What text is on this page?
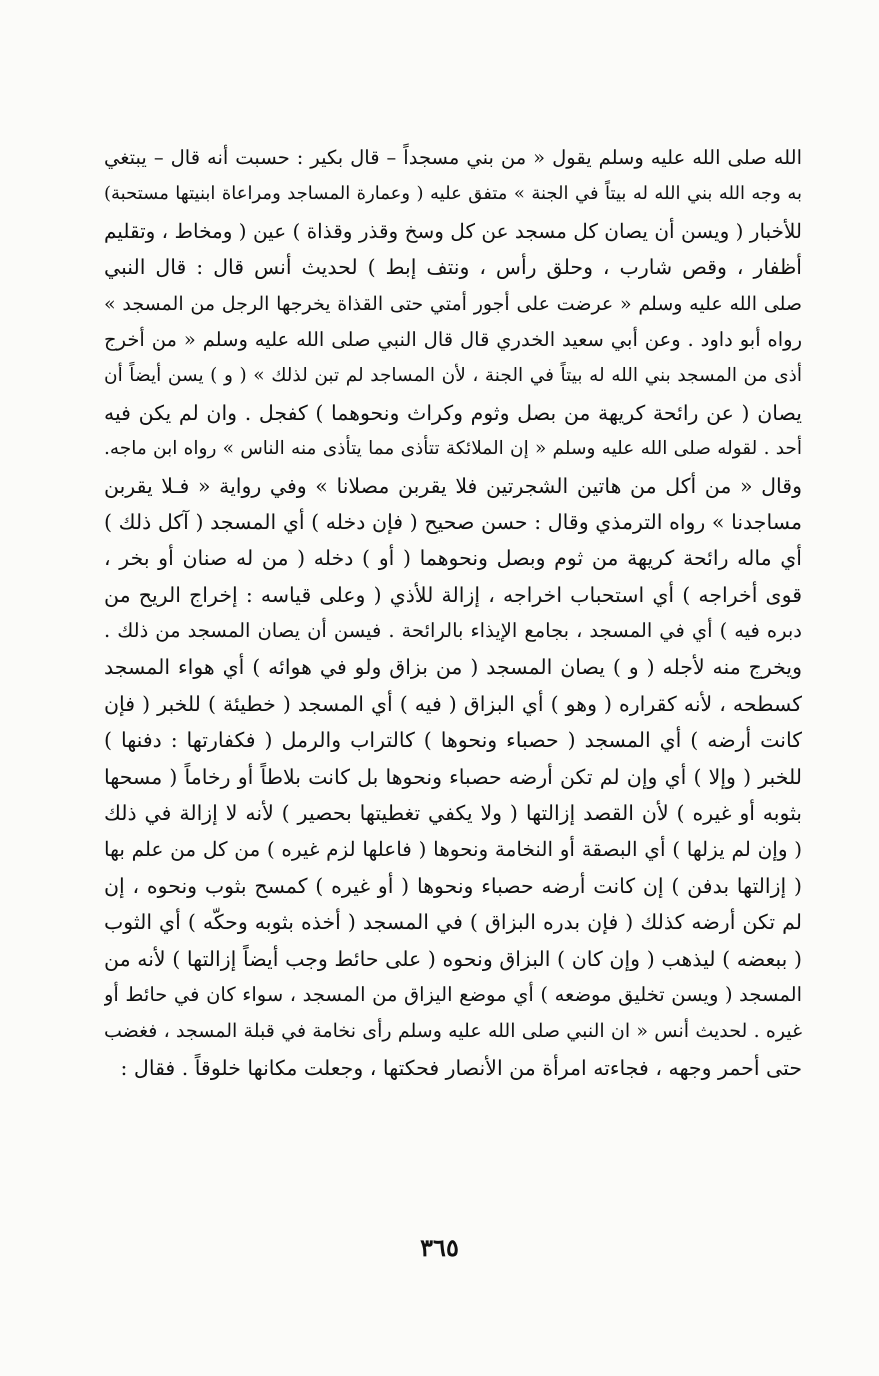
الله صلى الله عليه وسلم يقول « من بني مسجداً – قال بكير : حسبت أنه قال – يبتغي
به وجه الله بني الله له بيتاً في الجنة » متفق عليه ( وعمارة المساجد ومراعاة ابنيتها مستحبة)
للأخبار ( ويسن أن يصان كل مسجد عن كل وسخ وقذر وقذاة ) عين ( ومخاط ، وتقليم
أظفار ، وقص شارب ، وحلق رأس ، ونتف إبط ) لحديث أنس قال : قال النبي
صلى الله عليه وسلم « عرضت على أجور أمتي حتى القذاة يخرجها الرجل من المسجد »
رواه أبو داود . وعن أبي سعيد الخدري قال قال النبي صلى الله عليه وسلم « من أخرج
أذى من المسجد بني الله له بيتاً في الجنة ، لأن المساجد لم تبن لذلك » ( و ) يسن أيضاً أن
يصان ( عن رائحة كريهة من بصل وثوم وكراث ونحوهما ) كفجل . وان لم يكن فيه
أحد . لقوله صلى الله عليه وسلم « إن الملائكة تتأذى مما يتأذى منه الناس » رواه ابن ماجه.
وقال « من أكل من هاتين الشجرتين فلا يقربن مصلانا » وفي رواية « فـلا يقربن
مساجدنا » رواه الترمذي وقال : حسن صحيح ( فإن دخله ) أي المسجد ( آكل ذلك )
أي ماله رائحة كريهة من ثوم وبصل ونحوهما ( أو ) دخله ( من له صنان أو بخر ،
قوى أخراجه ) أي استحباب اخراجه ، إزالة للأذي ( وعلى قياسه : إخراج الريح من
دبره فيه ) أي في المسجد ، بجامع الإيذاء بالرائحة . فيسن أن يصان المسجد من ذلك .
ويخرج منه لأجله ( و ) يصان المسجد ( من بزاق ولو في هوائه ) أي هواء المسجد
كسطحه ، لأنه كقراره ( وهو ) أي البزاق ( فيه ) أي المسجد ( خطيئة ) للخبر ( فإن
كانت أرضه ) أي المسجد ( حصباء ونحوها ) كالتراب والرمل ( فكفارتها : دفنها )
للخبر ( وإلا ) أي وإن لم تكن أرضه حصباء ونحوها بل كانت بلاطاً أو رخاماً ( مسحها
بثوبه أو غيره ) لأن القصد إزالتها ( ولا يكفي تغطيتها بحصير ) لأنه لا إزالة في ذلك
( وإن لم يزلها ) أي البصقة أو النخامة ونحوها ( فاعلها لزم غيره ) من كل من علم بها
( إزالتها بدفن ) إن كانت أرضه حصباء ونحوها ( أو غيره ) كمسح بثوب ونحوه ، إن
لم تكن أرضه كذلك ( فإن بدره البزاق ) في المسجد ( أخذه بثوبه وحكّه ) أي الثوب
( ببعضه ) ليذهب ( وإن كان ) البزاق ونحوه ( على حائط وجب أيضاً إزالتها ) لأنه من
المسجد ( ويسن تخليق موضعه ) أي موضع اليزاق من المسجد ، سواء كان في حائط أو
غيره . لحديث أنس « ان النبي صلى الله عليه وسلم رأى نخامة في قبلة المسجد ، فغضب
حتى أحمر وجهه ، فجاءته امرأة من الأنصار فحكتها ، وجعلت مكانها خلوقاً . فقال :
٣٦٥
